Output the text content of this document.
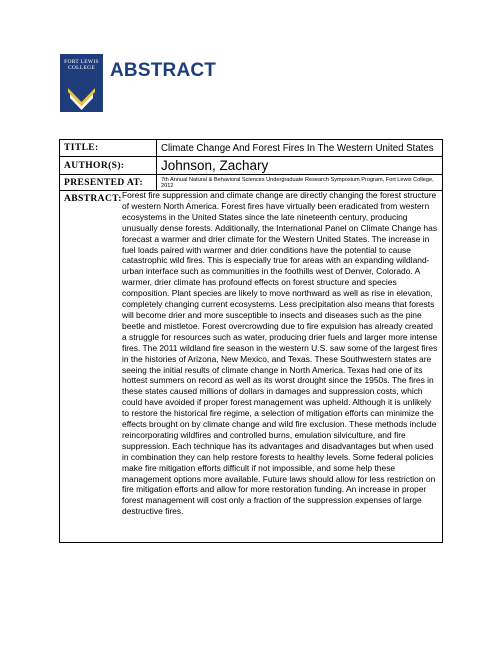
FORT LEWIS
COLLEGE ABSTRACT
TITLE:	Climate Change And Forest Fires In The Western United States
AUTHOR(S):	Johnson, Zachary
PRESENTED AT:	7th Annual Natural & Behavioral Sciences Undergraduate Research Symposium Program, Fort Lewis College, 2012
ABSTRACT: Forest fire suppression and climate change are directly changing the forest structure of western North America. Forest fires have virtually been eradicated from western ecosystems in the United States since the late nineteenth century, producing unusually dense forests. Additionally, the International Panel on Climate Change has forecast a warmer and drier climate for the Western United States. The increase in fuel loads paired with warmer and drier conditions have the potential to cause catastrophic wild fires. This is especially true for areas with an expanding wildland-urban interface such as communities in the foothills west of Denver, Colorado. A warmer, drier climate has profound effects on forest structure and species composition. Plant species are likely to move northward as well as rise in elevation, completely changing current ecosystems. Less precipitation also means that forests will become drier and more susceptible to insects and diseases such as the pine beetle and mistletoe. Forest overcrowding due to fire expulsion has already created a struggle for resources such as water, producing drier fuels and larger more intense fires. The 2011 wildland fire season in the western U.S. saw some of the largest fires in the histories of Arizona, New Mexico, and Texas. These Southwestern states are seeing the initial results of climate change in North America. Texas had one of its hottest summers on record as well as its worst drought since the 1950s. The fires in these states caused millions of dollars in damages and suppression costs, which could have avoided if proper forest management was upheld. Although it is unlikely to restore the historical fire regime, a selection of mitigation efforts can minimize the effects brought on by climate change and wild fire exclusion. These methods include reincorporating wildfires and controlled burns, emulation silviculture, and fire suppression. Each technique has its advantages and disadvantages but when used in combination they can help restore forests to healthy levels. Some federal policies make fire mitigation efforts difficult if not impossible, and some help these management options more available. Future laws should allow for less restriction on fire mitigation efforts and allow for more restoration funding. An increase in proper forest management will cost only a fraction of the suppression expenses of large destructive fires.
